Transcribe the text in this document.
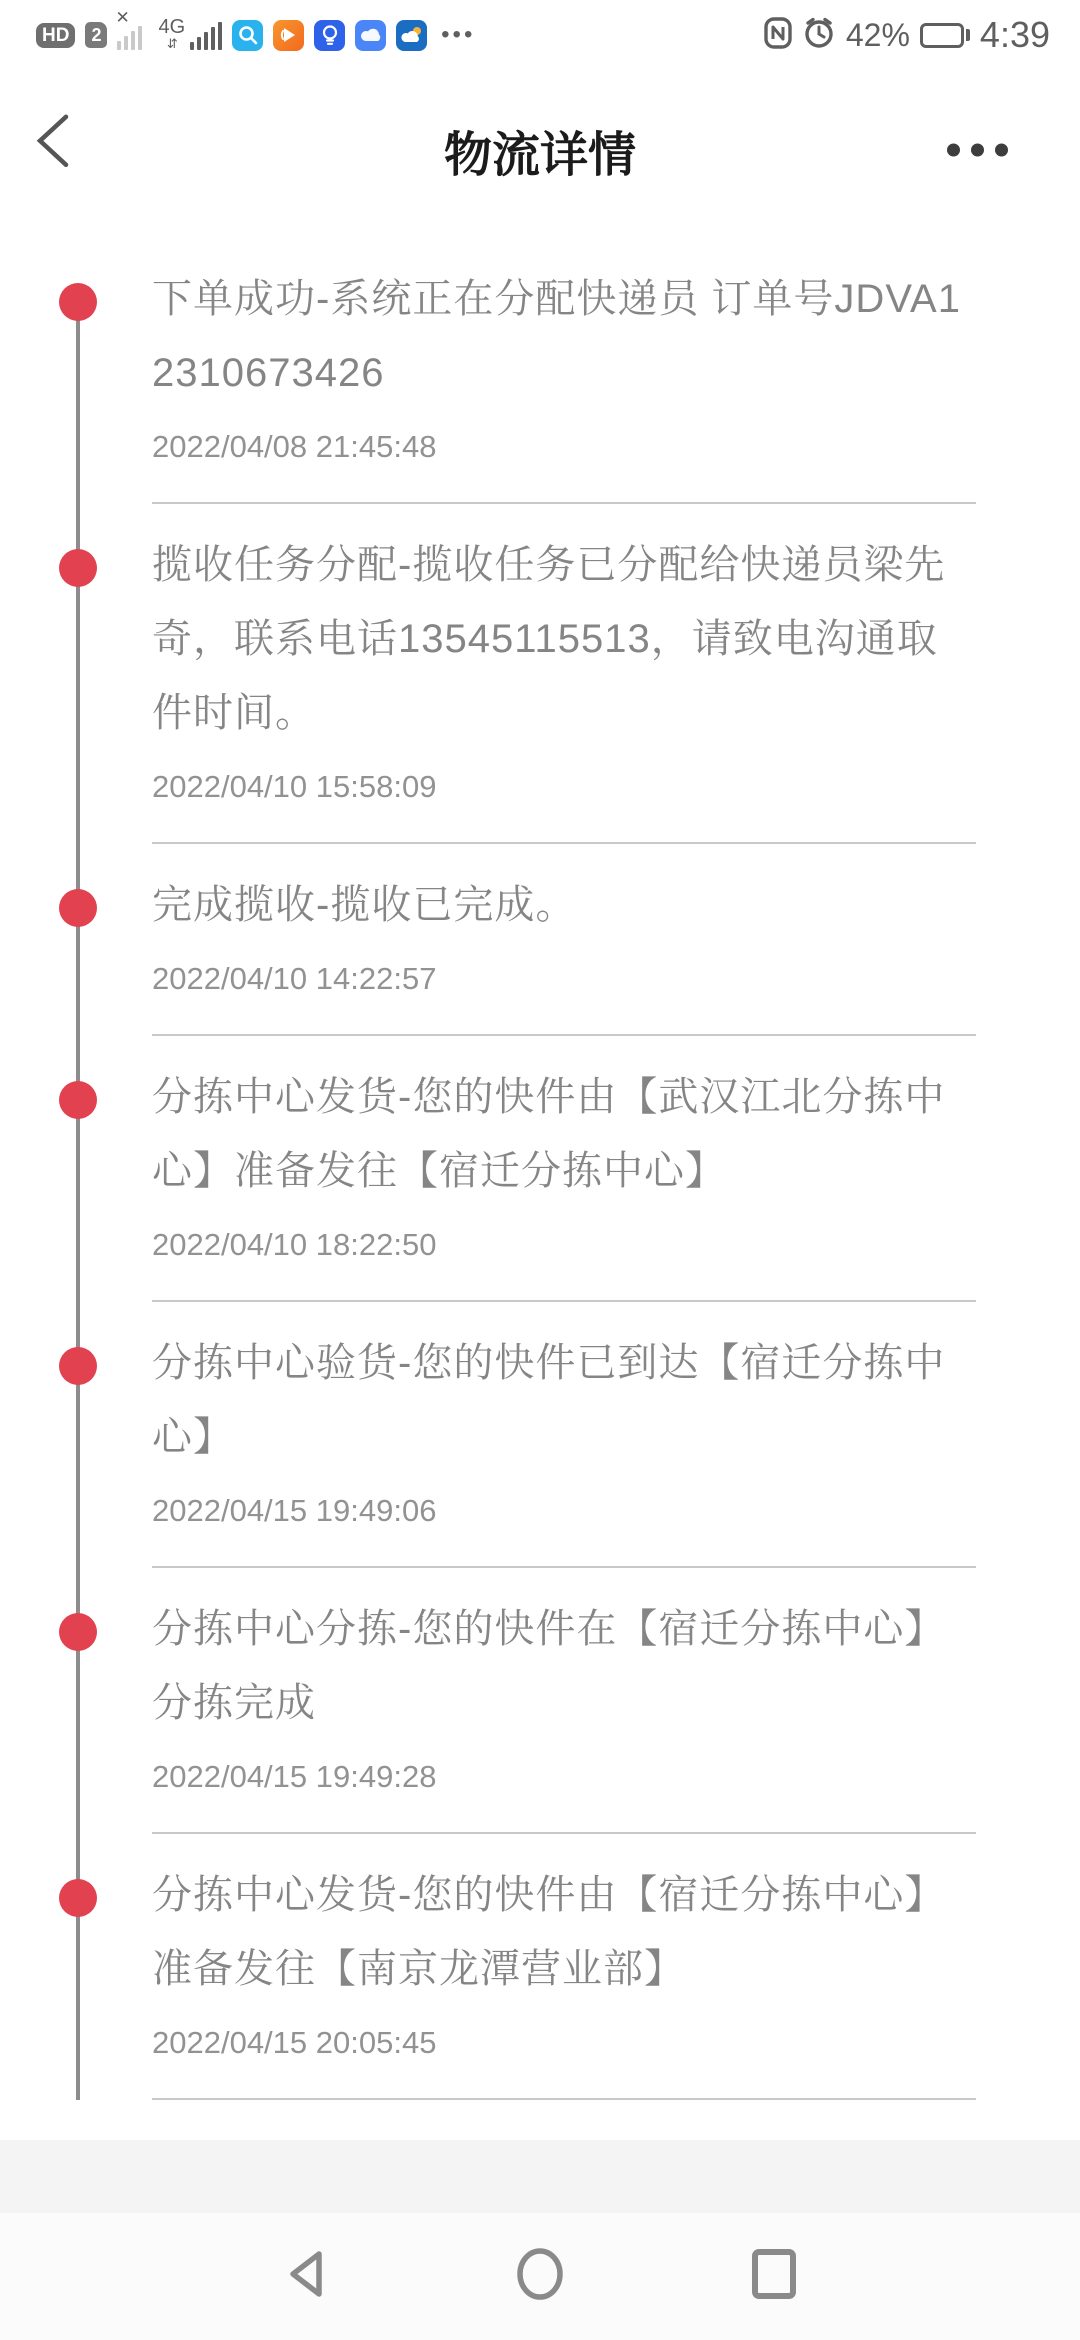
HD	2
✕ 4G
⇵	•••	42% 4:39
物流详情
下单成功-系统正在分配快递员 订单号JDVA12310673426
2022/04/08 21:45:48
揽收任务分配-揽收任务已分配给快递员梁先奇，联系电话13545115513，请致电沟通取件时间。
2022/04/10 15:58:09
完成揽收-揽收已完成。
2022/04/10 14:22:57
分拣中心发货-您的快件由【武汉江北分拣中心】准备发往【宿迁分拣中心】
2022/04/10 18:22:50
分拣中心验货-您的快件已到达【宿迁分拣中心】
2022/04/15 19:49:06
分拣中心分拣-您的快件在【宿迁分拣中心】分拣完成
2022/04/15 19:49:28
分拣中心发货-您的快件由【宿迁分拣中心】准备发往【南京龙潭营业部】
2022/04/15 20:05:45
